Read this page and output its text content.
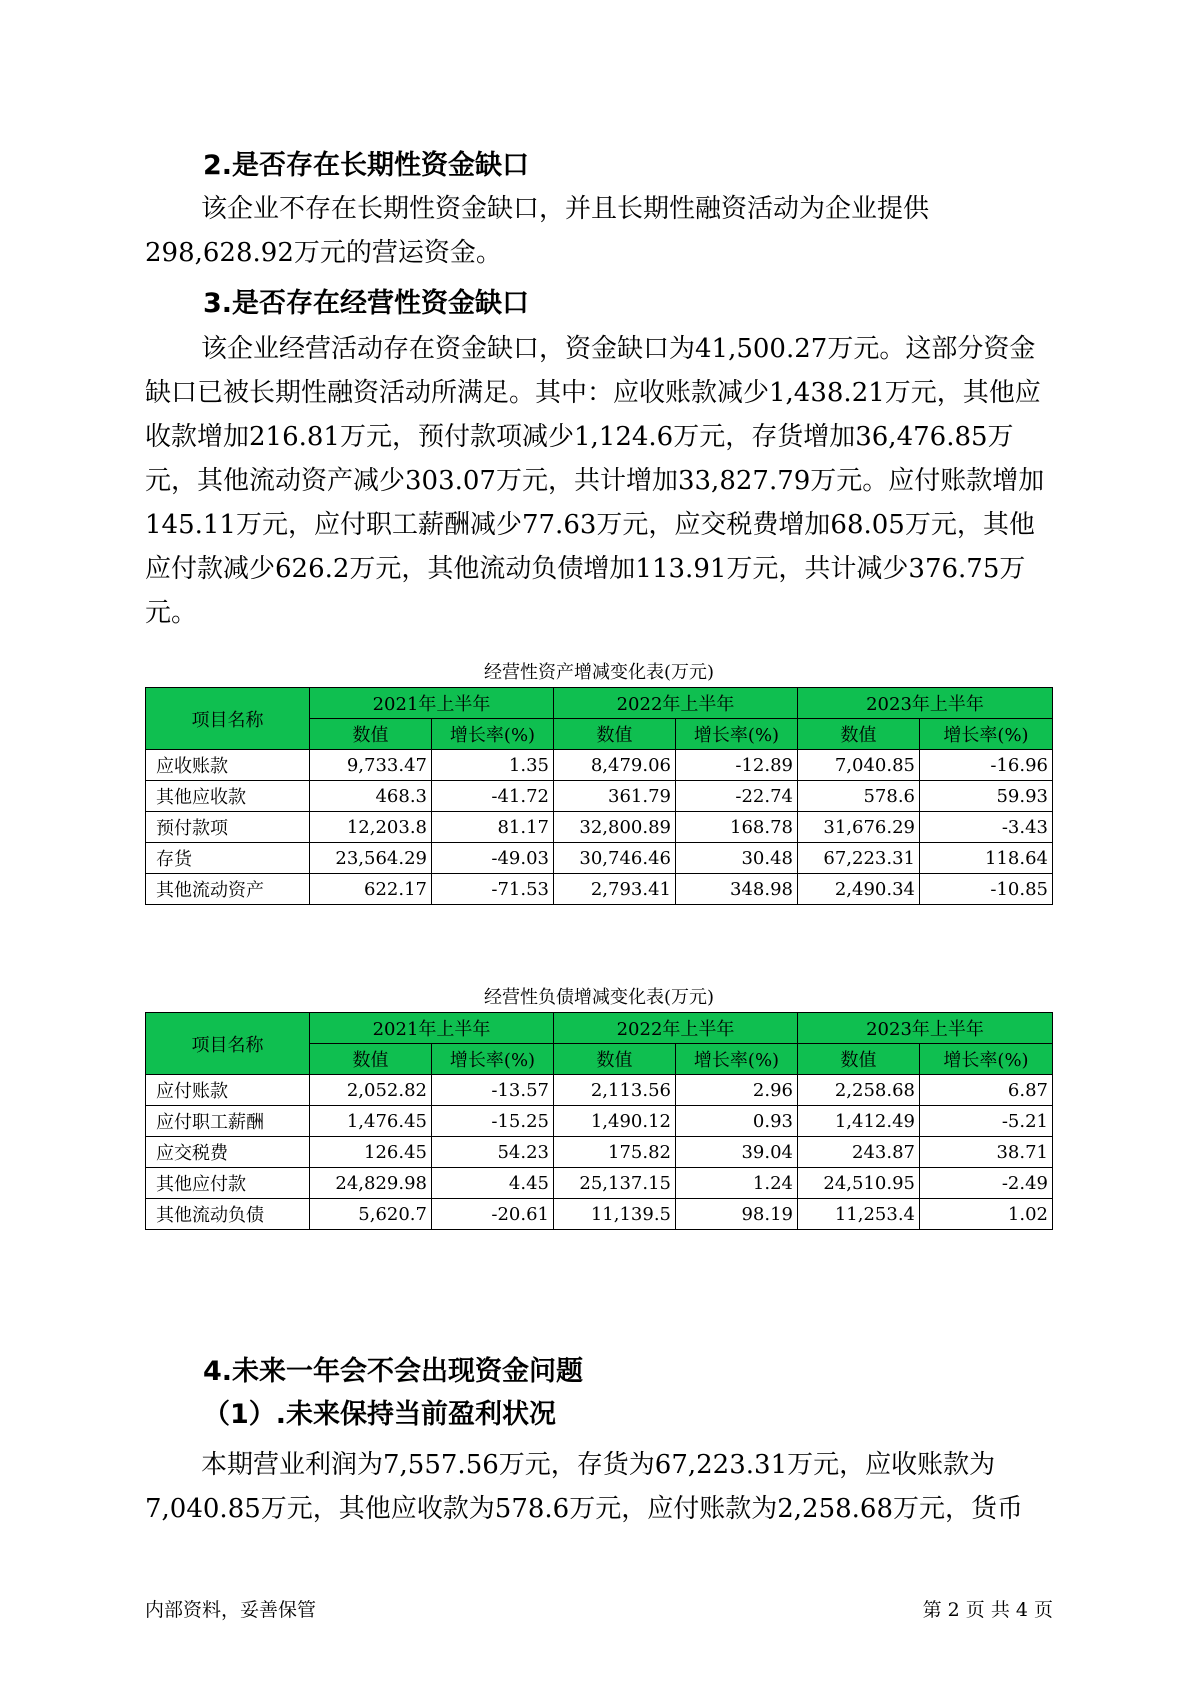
2.是否存在长期性资金缺口

该企业不存在长期性资金缺口，并且长期性融资活动为企业提供298,628.92万元的营运资金。

3.是否存在经营性资金缺口

该企业经营活动存在资金缺口，资金缺口为41,500.27万元。这部分资金缺口已被长期性融资活动所满足。其中：应收账款减少1,438.21万元，其他应收款增加216.81万元，预付款项减少1,124.6万元，存货增加36,476.85万元，其他流动资产减少303.07万元，共计增加33,827.79万元。应付账款增加145.11万元，应付职工薪酬减少77.63万元，应交税费增加68.05万元，其他应付款减少626.2万元，其他流动负债增加113.91万元，共计减少376.75万元。

经营性资产增减变化表(万元)
项目名称	2021年上半年		2022年上半年		2023年上半年	
	数值	增长率(%)	数值	增长率(%)	数值	增长率(%)
应收账款	9,733.47	1.35	8,479.06	-12.89	7,040.85	-16.96
其他应收款	468.3	-41.72	361.79	-22.74	578.6	59.93
预付款项	12,203.8	81.17	32,800.89	168.78	31,676.29	-3.43
存货	23,564.29	-49.03	30,746.46	30.48	67,223.31	118.64
其他流动资产	622.17	-71.53	2,793.41	348.98	2,490.34	-10.85
经营性负债增减变化表(万元)
项目名称	2021年上半年		2022年上半年		2023年上半年	
	数值	增长率(%)	数值	增长率(%)	数值	增长率(%)
应付账款	2,052.82	-13.57	2,113.56	2.96	2,258.68	6.87
应付职工薪酬	1,476.45	-15.25	1,490.12	0.93	1,412.49	-5.21
应交税费	126.45	54.23	175.82	39.04	243.87	38.71
其他应付款	24,829.98	4.45	25,137.15	1.24	24,510.95	-2.49
其他流动负债	5,620.7	-20.61	11,139.5	98.19	11,253.4	1.02
4.未来一年会不会出现资金问题
（1）.未来保持当前盈利状况

本期营业利润为7,557.56万元，存货为67,223.31万元，应收账款为7,040.85万元，其他应收款为578.6万元，应付账款为2,258.68万元，货币

内部资料，妥善保管	第 2 页 共 4 页
